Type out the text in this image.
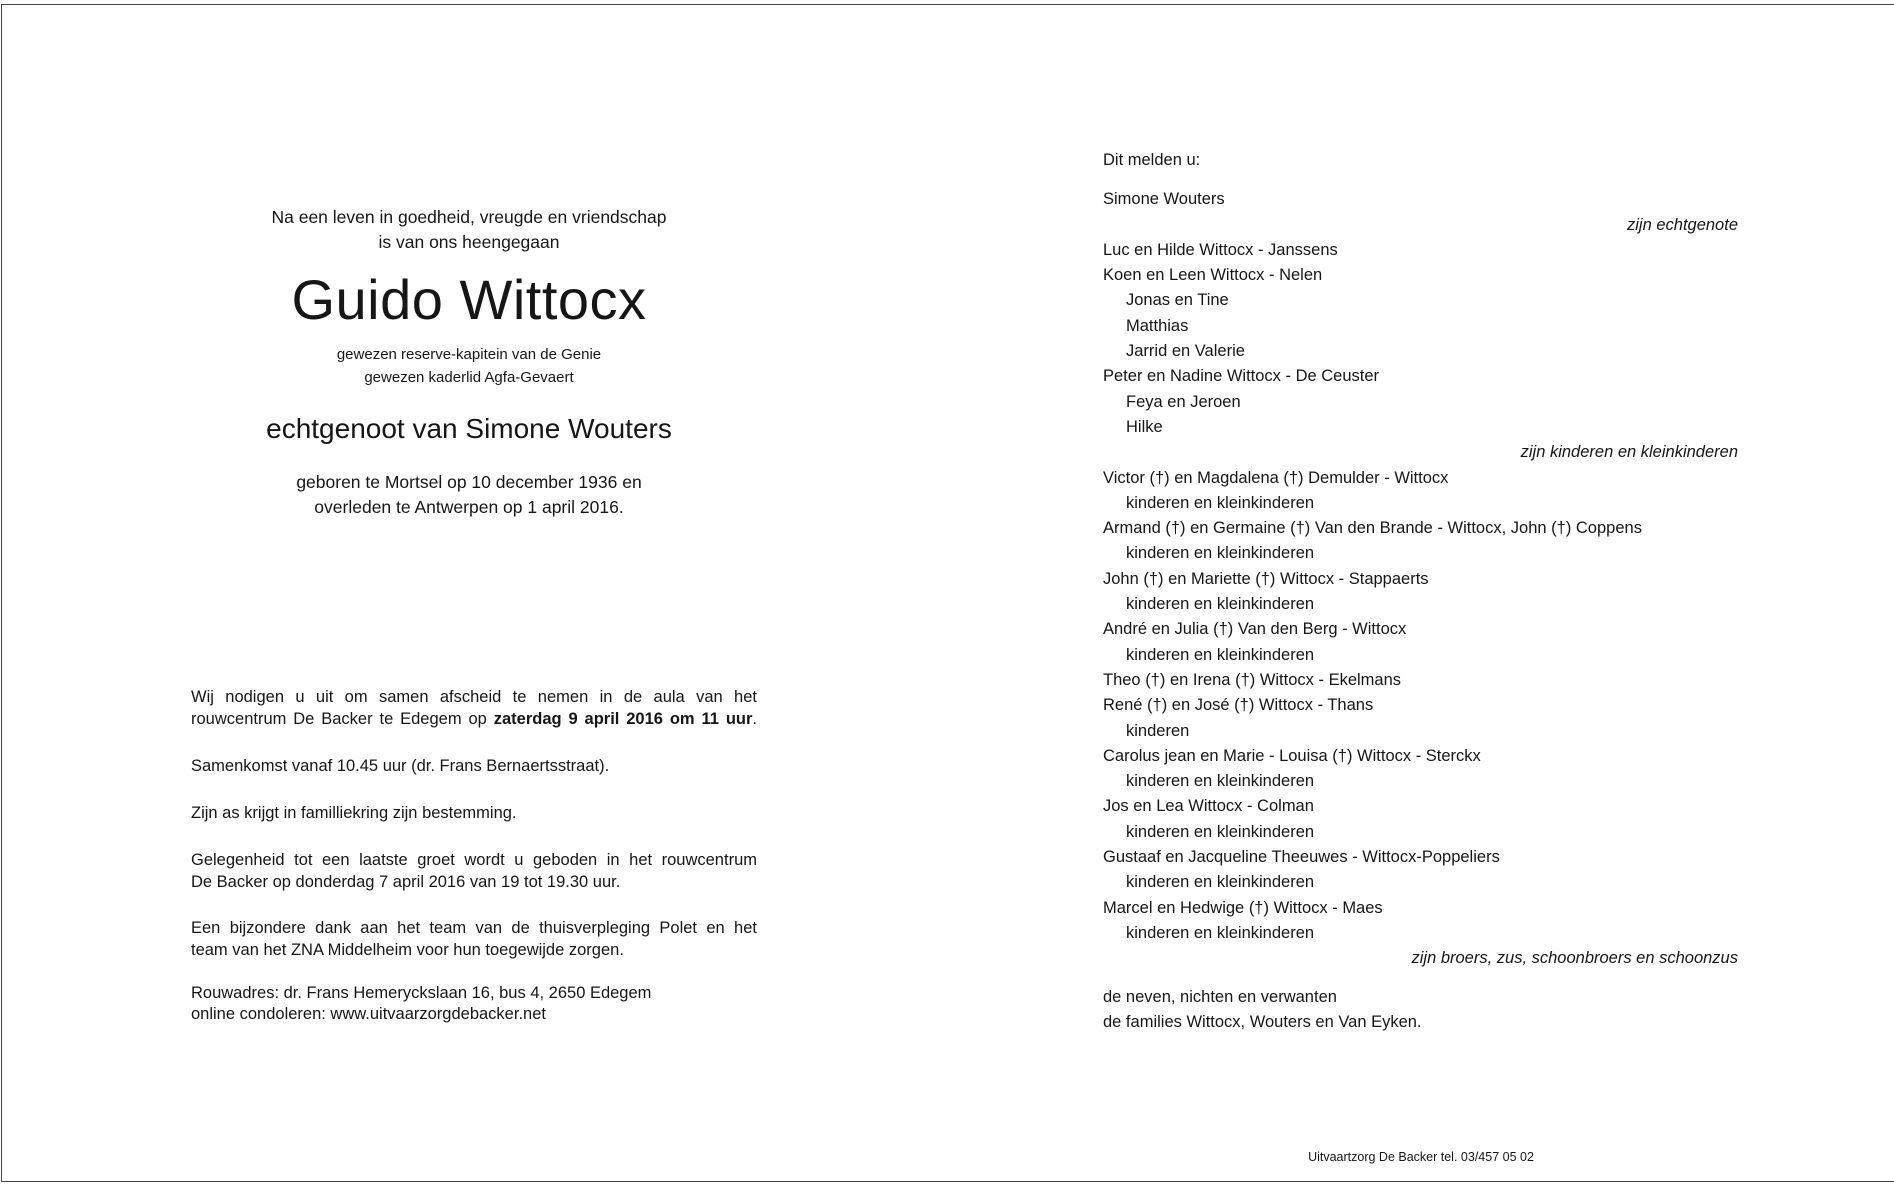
Na een leven in goedheid, vreugde en vriendschap
is van ons heengegaan
Guido Wittocx
gewezen reserve-kapitein van de Genie
gewezen kaderlid Agfa-Gevaert
echtgenoot van Simone Wouters
geboren te Mortsel op 10 december 1936 en
overleden te Antwerpen op 1 april 2016.
Wij nodigen u uit om samen afscheid te nemen in de aula van het
rouwcentrum De Backer te Edegem op zaterdag 9 april 2016 om 11 uur.
Samenkomst vanaf 10.45 uur (dr. Frans Bernaertsstraat).
Zijn as krijgt in familliekring zijn bestemming.
Gelegenheid tot een laatste groet wordt u geboden in het rouwcentrum
De Backer op donderdag 7 april 2016 van 19 tot 19.30 uur.
Een bijzondere dank aan het team van de thuisverpleging Polet en het
team van het ZNA Middelheim voor hun toegewijde zorgen.
Rouwadres: dr. Frans Hemeryckslaan 16, bus 4, 2650 Edegem
online condoleren: www.uitvaarzorgdebacker.net
Dit melden u:
Simone Wouters
zijn echtgenote
Luc en Hilde Wittocx - Janssens
Koen en Leen Wittocx - Nelen
Jonas en Tine
Matthias
Jarrid en Valerie
Peter en Nadine Wittocx - De Ceuster
Feya en Jeroen
Hilke
zijn kinderen en kleinkinderen
Victor (†) en Magdalena (†) Demulder - Wittocx
kinderen en kleinkinderen
Armand (†) en Germaine (†) Van den Brande - Wittocx, John (†) Coppens
kinderen en kleinkinderen
John (†) en Mariette (†) Wittocx - Stappaerts
kinderen en kleinkinderen
André en Julia (†) Van den Berg - Wittocx
kinderen en kleinkinderen
Theo (†) en Irena (†) Wittocx - Ekelmans
René (†) en José (†) Wittocx - Thans
kinderen
Carolus jean en Marie - Louisa (†) Wittocx - Sterckx
kinderen en kleinkinderen
Jos en Lea Wittocx - Colman
kinderen en kleinkinderen
Gustaaf en Jacqueline Theeuwes - Wittocx-Poppeliers
kinderen en kleinkinderen
Marcel en Hedwige (†) Wittocx - Maes
kinderen en kleinkinderen
zijn broers, zus, schoonbroers en schoonzus
de neven, nichten en verwanten
de families Wittocx, Wouters en Van Eyken.
Uitvaartzorg De Backer tel. 03/457 05 02
